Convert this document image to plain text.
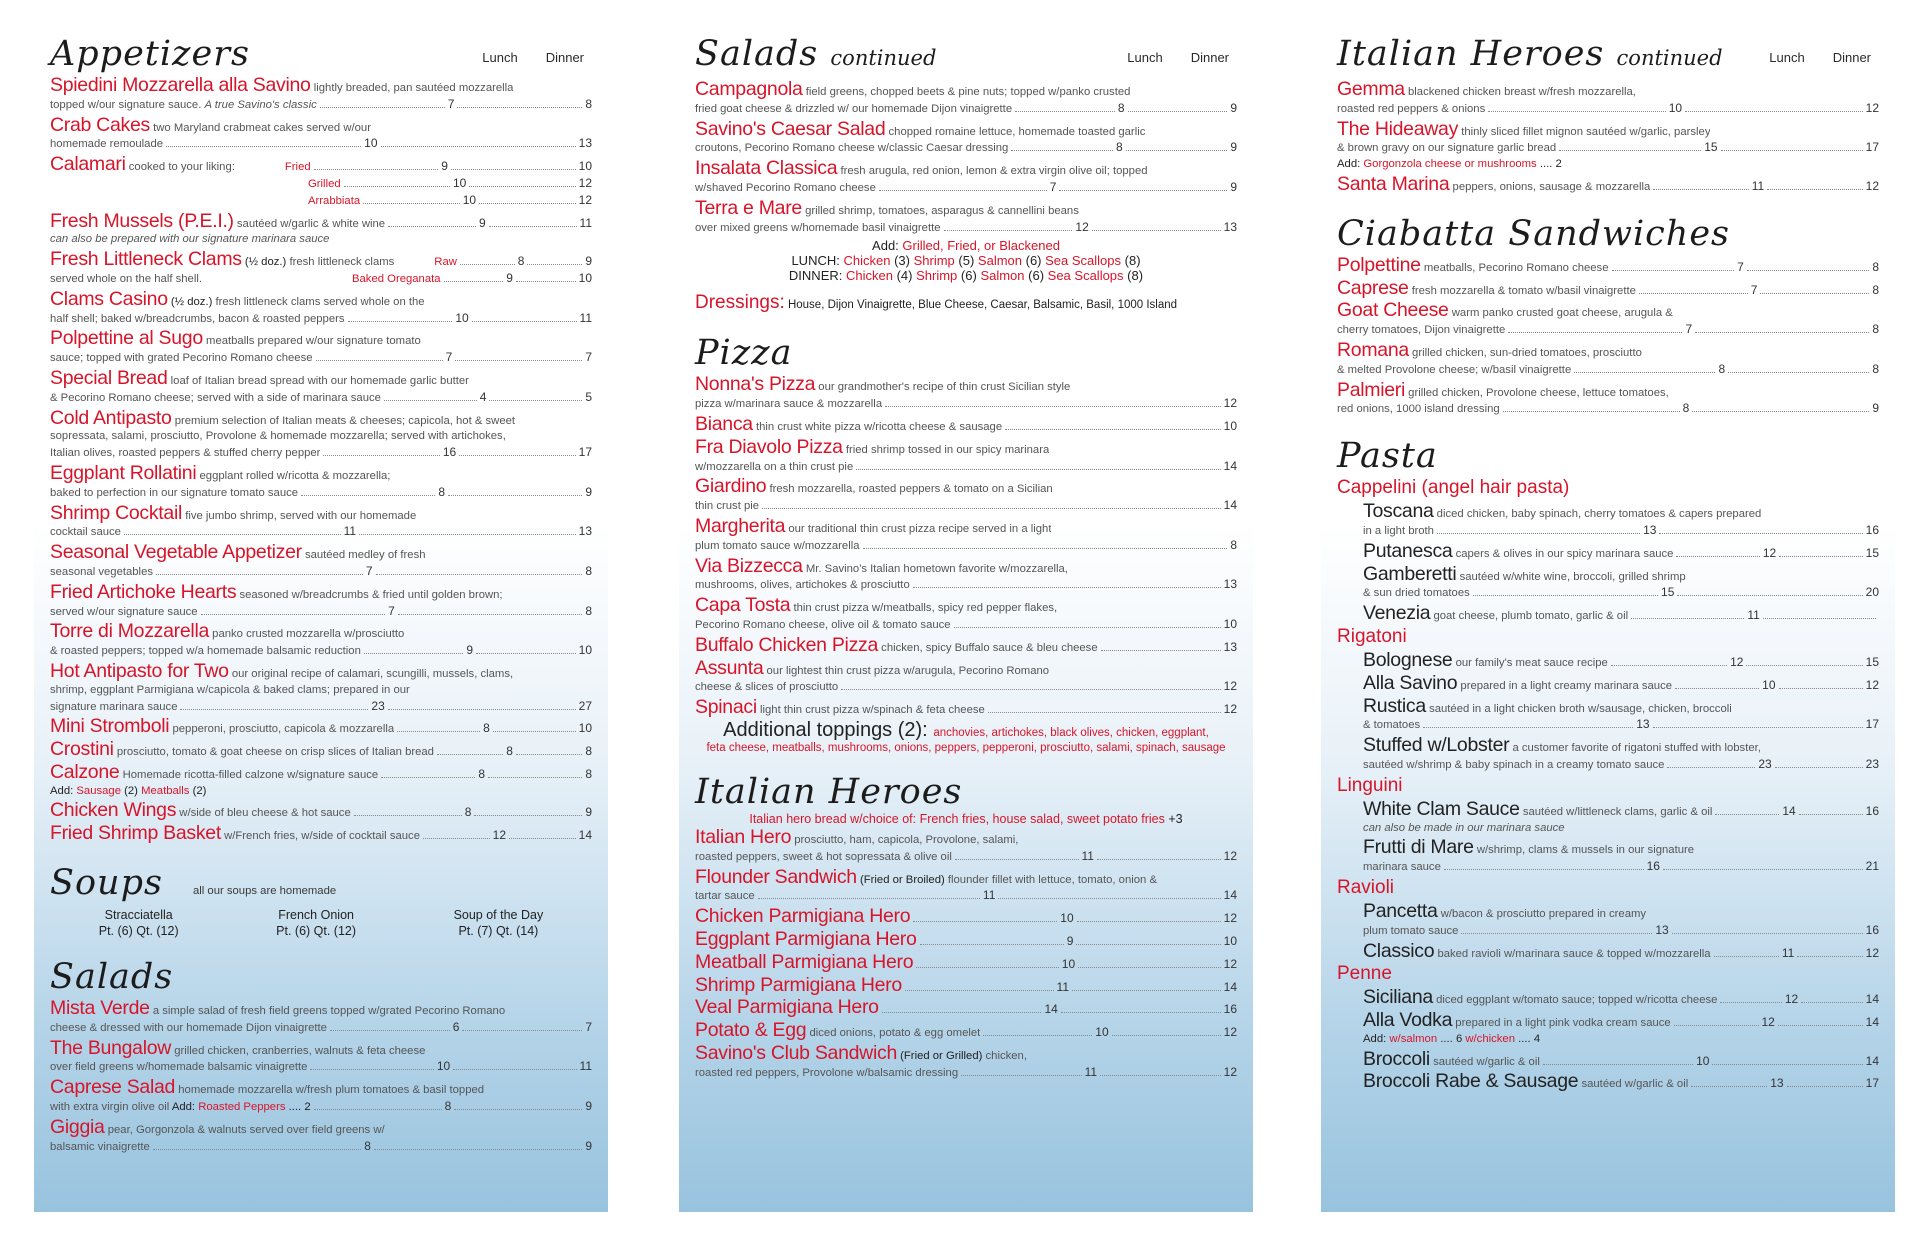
Appetizers	Lunch Dinner
Spiedini Mozzarella alla Savino lightly breaded, pan sautéed mozzarella
topped w/our signature sauce. A true Savino's classic	7	8
Crab Cakes two Maryland crabmeat cakes served w/our
homemade remoulade	10	13
Calamari cooked to your liking:	Fried	9	10
Grilled	10	12
Arrabbiata	10	12
Fresh Mussels (P.E.I.) sautéed w/garlic & white wine	9	11
can also be prepared with our signature marinara sauce
Fresh Littleneck Clams (½ doz.) fresh littleneck clams	Raw	8	9
served whole on the half shell.	Baked Oreganata	9	10
Clams Casino (½ doz.) fresh littleneck clams served whole on the
half shell; baked w/breadcrumbs, bacon & roasted peppers	10	11
Polpettine al Sugo meatballs prepared w/our signature tomato
sauce; topped with grated Pecorino Romano cheese	7	7
Special Bread loaf of Italian bread spread with our homemade garlic butter
& Pecorino Romano cheese; served with a side of marinara sauce	4	5
Cold Antipasto premium selection of Italian meats & cheeses; capicola, hot & sweet
sopressata, salami, prosciutto, Provolone & homemade mozzarella; served with artichokes,
Italian olives, roasted peppers & stuffed cherry pepper	16	17
Eggplant Rollatini eggplant rolled w/ricotta & mozzarella;
baked to perfection in our signature tomato sauce	8	9
Shrimp Cocktail five jumbo shrimp, served with our homemade
cocktail sauce	11	13
Seasonal Vegetable Appetizer sautéed medley of fresh
seasonal vegetables	7	8
Fried Artichoke Hearts seasoned w/breadcrumbs & fried until golden brown;
served w/our signature sauce	7	8
Torre di Mozzarella panko crusted mozzarella w/prosciutto
& roasted peppers; topped w/a homemade balsamic reduction	9	10
Hot Antipasto for Two our original recipe of calamari, scungilli, mussels, clams,
shrimp, eggplant Parmigiana w/capicola & baked clams; prepared in our
signature marinara sauce	23	27
Mini Stromboli pepperoni, prosciutto, capicola & mozzarella	8	10
Crostini prosciutto, tomato & goat cheese on crisp slices of Italian bread	8	8
Calzone Homemade ricotta-filled calzone w/signature sauce	8	8
Add: Sausage (2) Meatballs (2)
Chicken Wings w/side of bleu cheese & hot sauce	8	9
Fried Shrimp Basket w/French fries, w/side of cocktail sauce	12	14
Soups	all our soups are homemade
Stracciatella
Pt. (6) Qt. (12)
French Onion
Pt. (6) Qt. (12)
Soup of the Day
Pt. (7) Qt. (14)
Salads
Mista Verde a simple salad of fresh field greens topped w/grated Pecorino Romano
cheese & dressed with our homemade Dijon vinaigrette	6	7
The Bungalow grilled chicken, cranberries, walnuts & feta cheese
over field greens w/homemade balsamic vinaigrette	10	11
Caprese Salad homemade mozzarella w/fresh plum tomatoes & basil topped
with extra virgin olive oil Add: Roasted Peppers .... 2	8	9
Giggia pear, Gorgonzola & walnuts served over field greens w/
balsamic vinaigrette	8	9
Salads continued	Lunch Dinner
Campagnola field greens, chopped beets & pine nuts; topped w/panko crusted
fried goat cheese & drizzled w/ our homemade Dijon vinaigrette	8	9
Savino's Caesar Salad chopped romaine lettuce, homemade toasted garlic
croutons, Pecorino Romano cheese w/classic Caesar dressing	8	9
Insalata Classica fresh arugula, red onion, lemon & extra virgin olive oil; topped
w/shaved Pecorino Romano cheese	7	9
Terra e Mare grilled shrimp, tomatoes, asparagus & cannellini beans
over mixed greens w/homemade basil vinaigrette	12	13
Add: Grilled, Fried, or Blackened
LUNCH: Chicken (3) Shrimp (5) Salmon (6) Sea Scallops (8)
DINNER: Chicken (4) Shrimp (6) Salmon (6) Sea Scallops (8)
Dressings: House, Dijon Vinaigrette, Blue Cheese, Caesar, Balsamic, Basil, 1000 Island
Pizza
Nonna's Pizza our grandmother's recipe of thin crust Sicilian style
pizza w/marinara sauce & mozzarella	12
Bianca thin crust white pizza w/ricotta cheese & sausage	10
Fra Diavolo Pizza fried shrimp tossed in our spicy marinara
w/mozzarella on a thin crust pie	14
Giardino fresh mozzarella, roasted peppers & tomato on a Sicilian
thin crust pie	14
Margherita our traditional thin crust pizza recipe served in a light
plum tomato sauce w/mozzarella	8
Via Bizzecca Mr. Savino's Italian hometown favorite w/mozzarella,
mushrooms, olives, artichokes & prosciutto	13
Capa Tosta thin crust pizza w/meatballs, spicy red pepper flakes,
Pecorino Romano cheese, olive oil & tomato sauce	10
Buffalo Chicken Pizza chicken, spicy Buffalo sauce & bleu cheese	13
Assunta our lightest thin crust pizza w/arugula, Pecorino Romano
cheese & slices of prosciutto	12
Spinaci light thin crust pizza w/spinach & feta cheese	12
Additional toppings (2): anchovies, artichokes, black olives, chicken, eggplant,
feta cheese, meatballs, mushrooms, onions, peppers, pepperoni, prosciutto, salami, spinach, sausage
Italian Heroes
Italian hero bread w/choice of: French fries, house salad, sweet potato fries +3
Italian Hero prosciutto, ham, capicola, Provolone, salami,
roasted peppers, sweet & hot sopressata & olive oil	11	12
Flounder Sandwich (Fried or Broiled) flounder fillet with lettuce, tomato, onion &
tartar sauce	11	14
Chicken Parmigiana Hero	10	12
Eggplant Parmigiana Hero	9	10
Meatball Parmigiana Hero	10	12
Shrimp Parmigiana Hero	11	14
Veal Parmigiana Hero	14	16
Potato & Egg diced onions, potato & egg omelet	10	12
Savino's Club Sandwich (Fried or Grilled) chicken,
roasted red peppers, Provolone w/balsamic dressing	11	12
Italian Heroes continued	Lunch Dinner
Gemma blackened chicken breast w/fresh mozzarella,
roasted red peppers & onions	10	12
The Hideaway thinly sliced fillet mignon sautéed w/garlic, parsley
& brown gravy on our signature garlic bread	15	17
Add: Gorgonzola cheese or mushrooms .... 2
Santa Marina peppers, onions, sausage & mozzarella	11	12
Ciabatta Sandwiches
Polpettine meatballs, Pecorino Romano cheese	7	8
Caprese fresh mozzarella & tomato w/basil vinaigrette	7	8
Goat Cheese warm panko crusted goat cheese, arugula &
cherry tomatoes, Dijon vinaigrette	7	8
Romana grilled chicken, sun-dried tomatoes, prosciutto
& melted Provolone cheese; w/basil vinaigrette	8	8
Palmieri grilled chicken, Provolone cheese, lettuce tomatoes,
red onions, 1000 island dressing	8	9
Pasta
Cappelini (angel hair pasta)
Toscana diced chicken, baby spinach, cherry tomatoes & capers prepared
in a light broth	13	16
Putanesca capers & olives in our spicy marinara sauce	12	15
Gamberetti sautéed w/white wine, broccoli, grilled shrimp
& sun dried tomatoes	15	20
Venezia goat cheese, plumb tomato, garlic & oil	11
Rigatoni
Bolognese our family's meat sauce recipe	12	15
Alla Savino prepared in a light creamy marinara sauce	10	12
Rustica sautéed in a light chicken broth w/sausage, chicken, broccoli
& tomatoes	13	17
Stuffed w/Lobster a customer favorite of rigatoni stuffed with lobster,
sautéed w/shrimp & baby spinach in a creamy tomato sauce	23	23
Linguini
White Clam Sauce sautéed w/littleneck clams, garlic & oil	14	16
can also be made in our marinara sauce
Frutti di Mare w/shrimp, clams & mussels in our signature
marinara sauce	16	21
Ravioli
Pancetta w/bacon & prosciutto prepared in creamy
plum tomato sauce	13	16
Classico baked ravioli w/marinara sauce & topped w/mozzarella	11	12
Penne
Siciliana diced eggplant w/tomato sauce; topped w/ricotta cheese	12	14
Alla Vodka prepared in a light pink vodka cream sauce	12	14
Add: w/salmon .... 6 w/chicken .... 4
Broccoli sautéed w/garlic & oil	10	14
Broccoli Rabe & Sausage sautéed w/garlic & oil	13	17
